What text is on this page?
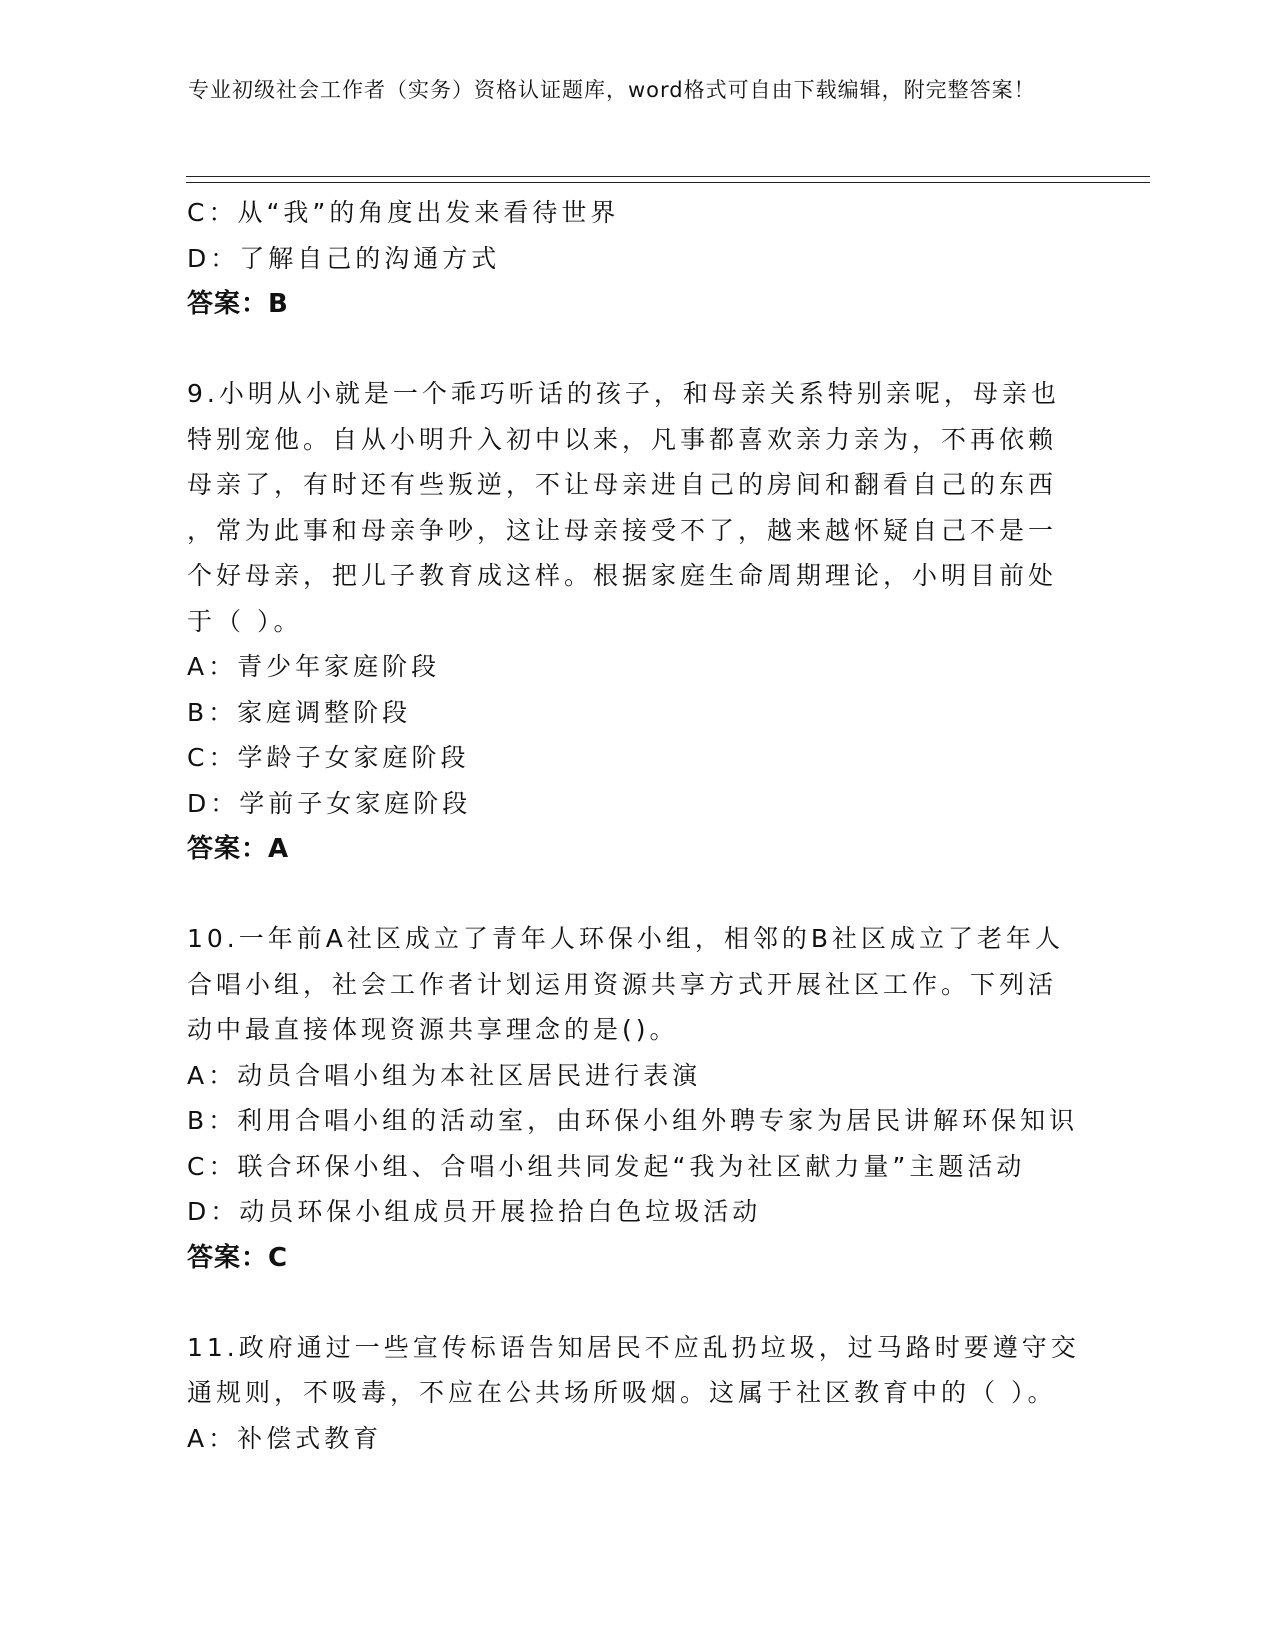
专业初级社会工作者（实务）资格认证题库，word格式可自由下载编辑，附完整答案！
C：从“我”的角度出发来看待世界
D：了解自己的沟通方式
答案：B
9.小明从小就是一个乖巧听话的孩子，和母亲关系特别亲呢，母亲也
特别宠他。自从小明升入初中以来，凡事都喜欢亲力亲为，不再依赖
母亲了，有时还有些叛逆，不让母亲进自己的房间和翻看自己的东西
，常为此事和母亲争吵，这让母亲接受不了，越来越怀疑自己不是一
个好母亲，把儿子教育成这样。根据家庭生命周期理论，小明目前处
于（ ）。
A：青少年家庭阶段
B：家庭调整阶段
C：学龄子女家庭阶段
D：学前子女家庭阶段
答案：A
10.一年前A社区成立了青年人环保小组，相邻的B社区成立了老年人
合唱小组，社会工作者计划运用资源共享方式开展社区工作。下列活
动中最直接体现资源共享理念的是()。
A：动员合唱小组为本社区居民进行表演
B：利用合唱小组的活动室，由环保小组外聘专家为居民讲解环保知识
C：联合环保小组、合唱小组共同发起“我为社区献力量”主题活动
D：动员环保小组成员开展捡拾白色垃圾活动
答案：C
11.政府通过一些宣传标语告知居民不应乱扔垃圾，过马路时要遵守交
通规则，不吸毒，不应在公共场所吸烟。这属于社区教育中的（ ）。
A：补偿式教育
